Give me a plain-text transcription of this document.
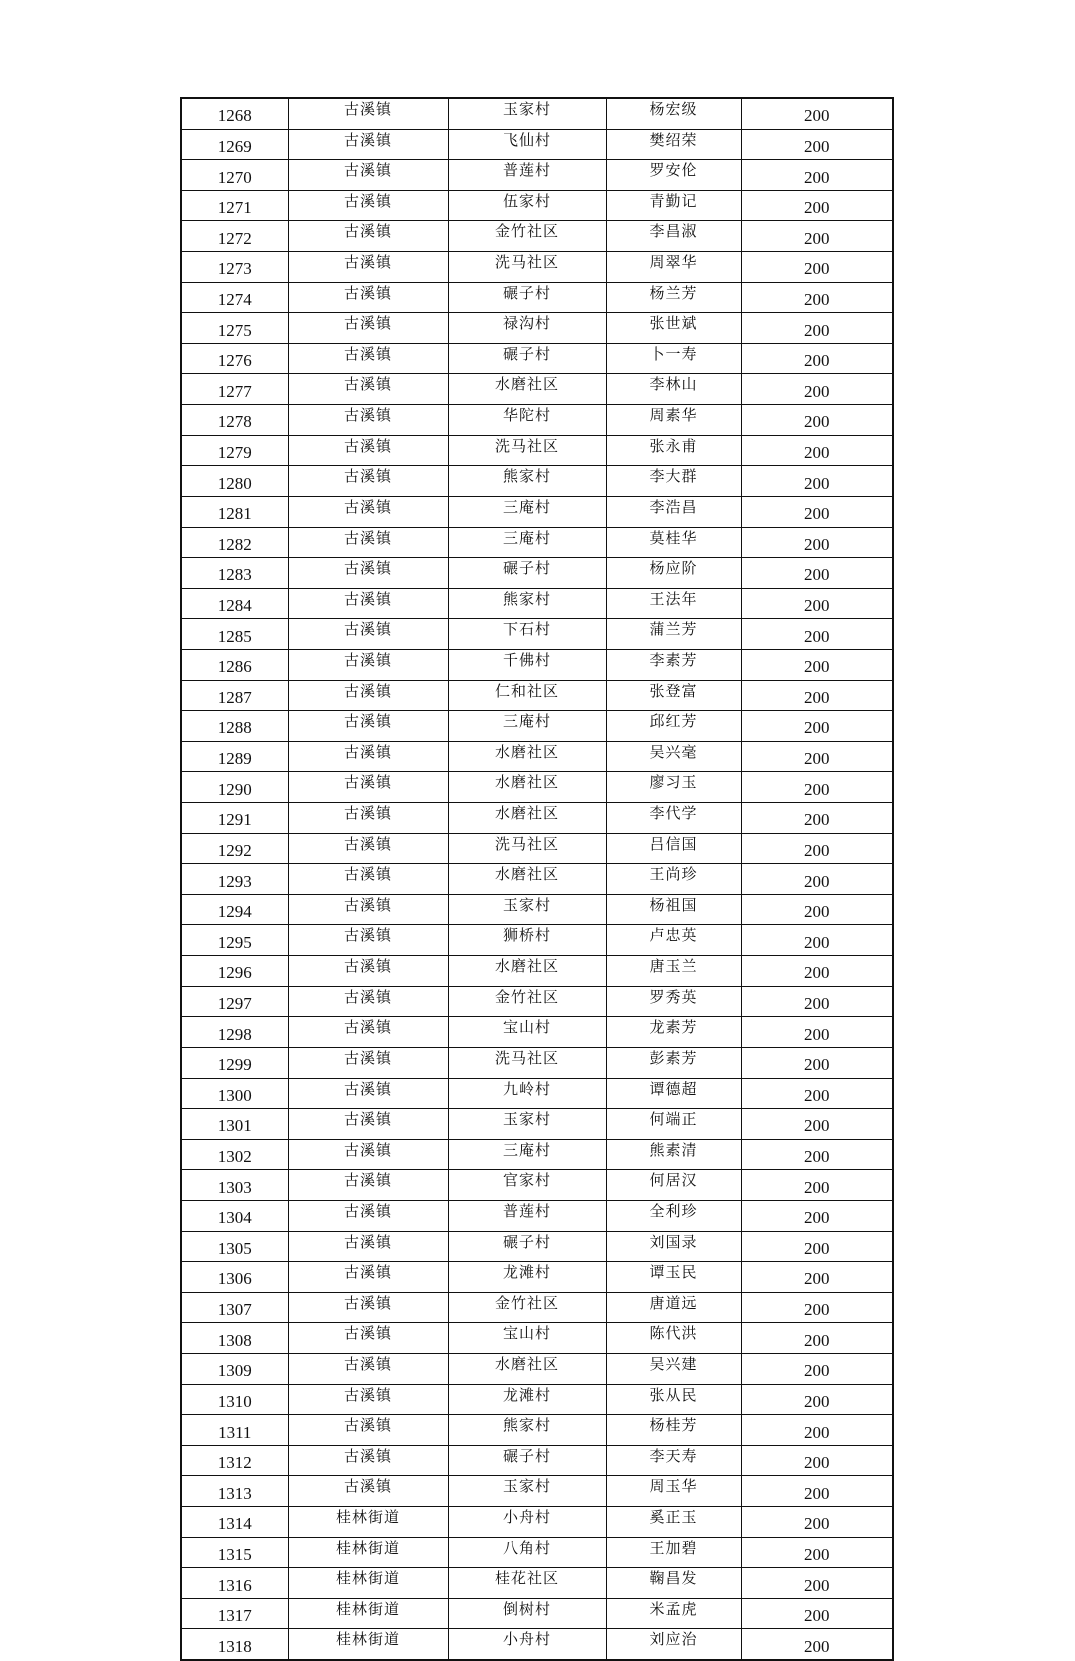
1268	古溪镇	玉家村	杨宏级	200
1269	古溪镇	飞仙村	樊绍荣	200
1270	古溪镇	普莲村	罗安伦	200
1271	古溪镇	伍家村	青勤记	200
1272	古溪镇	金竹社区	李昌淑	200
1273	古溪镇	洗马社区	周翠华	200
1274	古溪镇	碾子村	杨兰芳	200
1275	古溪镇	禄沟村	张世斌	200
1276	古溪镇	碾子村	卜一寿	200
1277	古溪镇	水磨社区	李林山	200
1278	古溪镇	华陀村	周素华	200
1279	古溪镇	洗马社区	张永甫	200
1280	古溪镇	熊家村	李大群	200
1281	古溪镇	三庵村	李浩昌	200
1282	古溪镇	三庵村	莫桂华	200
1283	古溪镇	碾子村	杨应阶	200
1284	古溪镇	熊家村	王法年	200
1285	古溪镇	下石村	蒲兰芳	200
1286	古溪镇	千佛村	李素芳	200
1287	古溪镇	仁和社区	张登富	200
1288	古溪镇	三庵村	邱红芳	200
1289	古溪镇	水磨社区	吴兴毫	200
1290	古溪镇	水磨社区	廖习玉	200
1291	古溪镇	水磨社区	李代学	200
1292	古溪镇	洗马社区	吕信国	200
1293	古溪镇	水磨社区	王尚珍	200
1294	古溪镇	玉家村	杨祖国	200
1295	古溪镇	狮桥村	卢忠英	200
1296	古溪镇	水磨社区	唐玉兰	200
1297	古溪镇	金竹社区	罗秀英	200
1298	古溪镇	宝山村	龙素芳	200
1299	古溪镇	洗马社区	彭素芳	200
1300	古溪镇	九岭村	谭德超	200
1301	古溪镇	玉家村	何端正	200
1302	古溪镇	三庵村	熊素清	200
1303	古溪镇	官家村	何居汉	200
1304	古溪镇	普莲村	全利珍	200
1305	古溪镇	碾子村	刘国录	200
1306	古溪镇	龙滩村	谭玉民	200
1307	古溪镇	金竹社区	唐道远	200
1308	古溪镇	宝山村	陈代洪	200
1309	古溪镇	水磨社区	吴兴建	200
1310	古溪镇	龙滩村	张从民	200
1311	古溪镇	熊家村	杨桂芳	200
1312	古溪镇	碾子村	李天寿	200
1313	古溪镇	玉家村	周玉华	200
1314	桂林街道	小舟村	奚正玉	200
1315	桂林街道	八角村	王加碧	200
1316	桂林街道	桂花社区	鞠昌发	200
1317	桂林街道	倒树村	米孟虎	200
1318	桂林街道	小舟村	刘应治	200
